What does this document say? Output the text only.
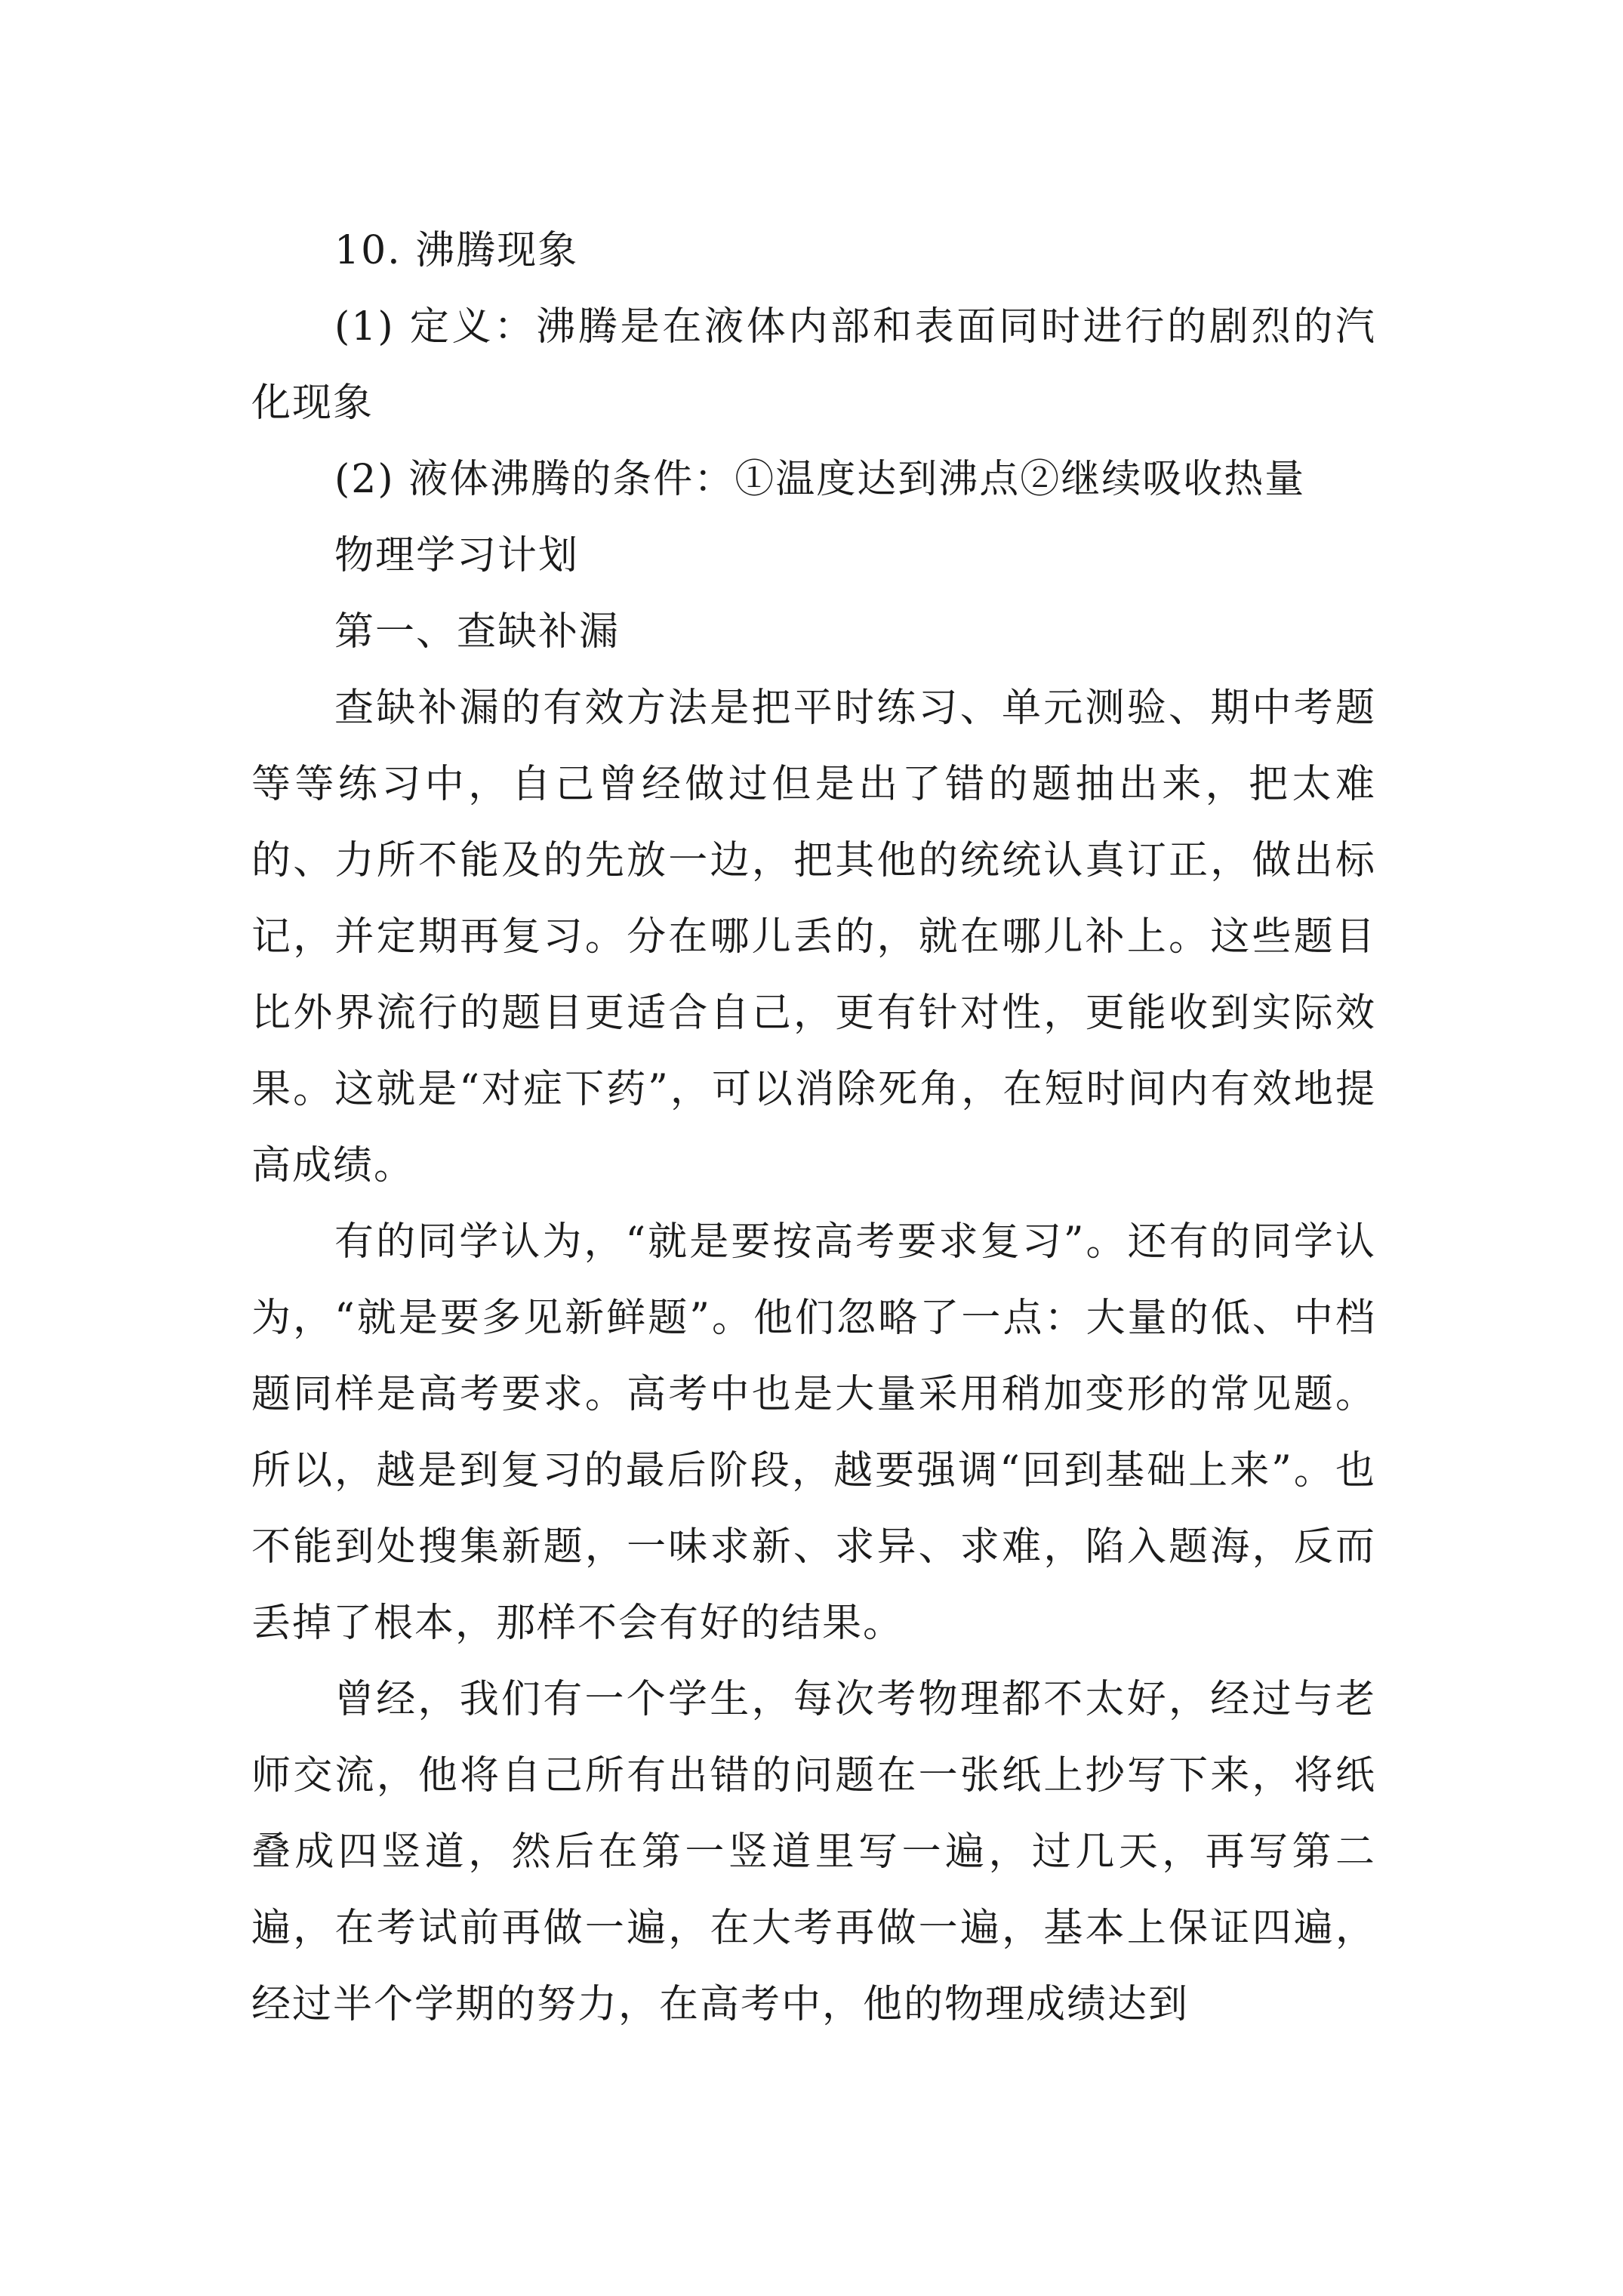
10. 沸腾现象

(1) 定义：沸腾是在液体内部和表面同时进行的剧烈的汽化现象

(2) 液体沸腾的条件：①温度达到沸点②继续吸收热量

物理学习计划

第一、查缺补漏

查缺补漏的有效方法是把平时练习、单元测验、期中考题等等练习中，自己曾经做过但是出了错的题抽出来，把太难的、力所不能及的先放一边，把其他的统统认真订正，做出标记，并定期再复习。分在哪儿丢的，就在哪儿补上。这些题目比外界流行的题目更适合自己，更有针对性，更能收到实际效果。这就是“对症下药”，可以消除死角，在短时间内有效地提高成绩。

有的同学认为，“就是要按高考要求复习”。还有的同学认为，“就是要多见新鲜题”。他们忽略了一点：大量的低、中档题同样是高考要求。高考中也是大量采用稍加变形的常见题。所以，越是到复习的最后阶段，越要强调“回到基础上来”。也不能到处搜集新题，一味求新、求异、求难，陷入题海，反而丢掉了根本，那样不会有好的结果。

曾经，我们有一个学生，每次考物理都不太好，经过与老师交流，他将自己所有出错的问题在一张纸上抄写下来，将纸叠成四竖道，然后在第一竖道里写一遍，过几天，再写第二遍，在考试前再做一遍，在大考再做一遍，基本上保证四遍，经过半个学期的努力，在高考中，他的物理成绩达到
